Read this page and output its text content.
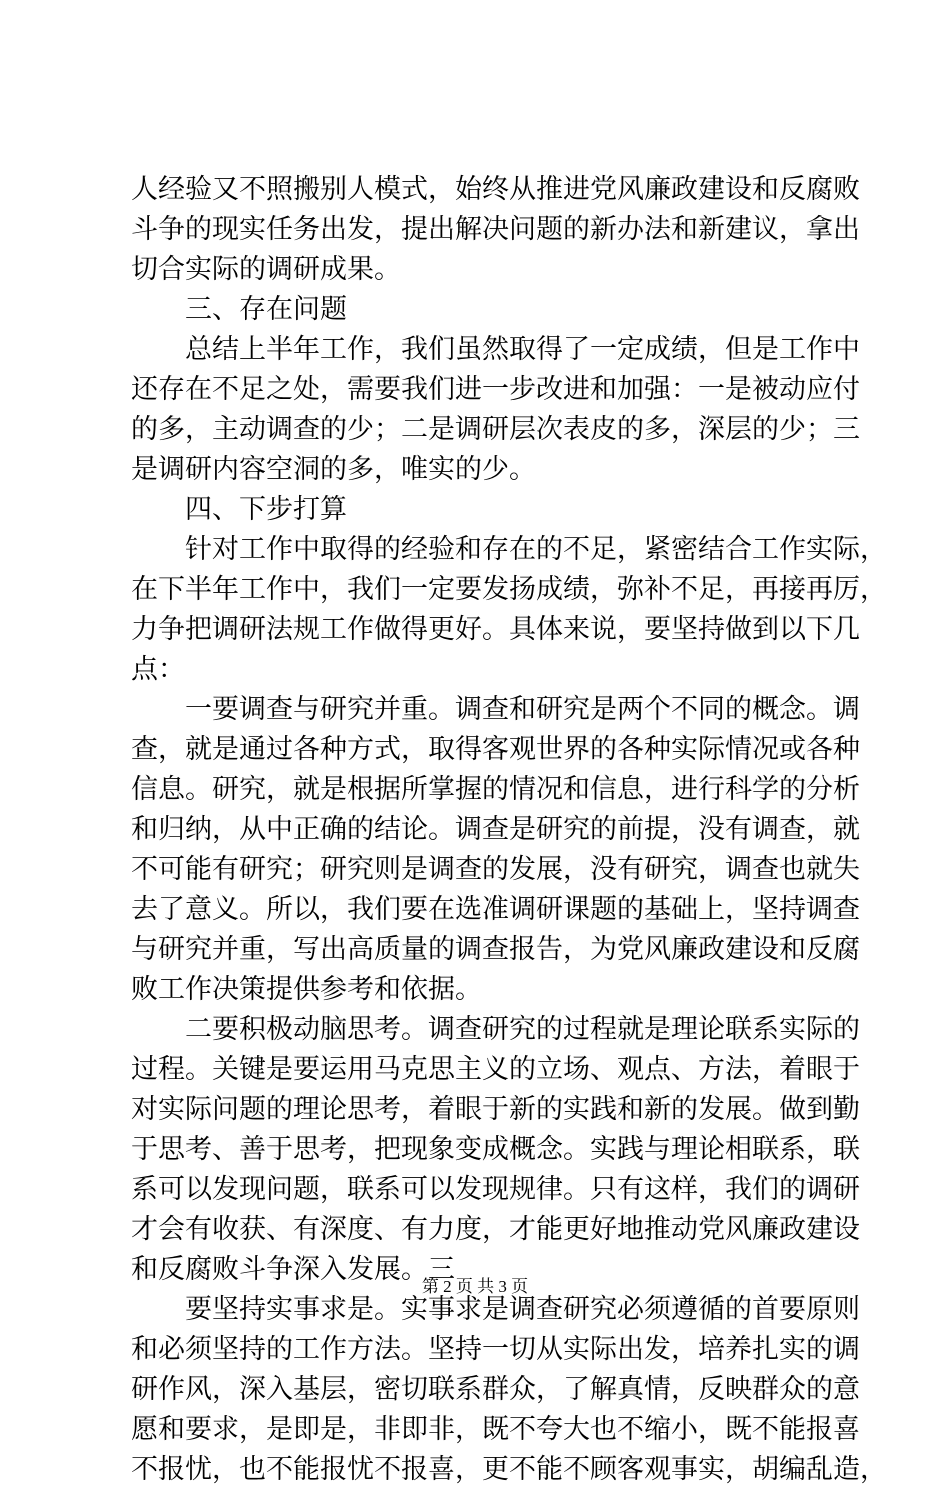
人经验又不照搬别人模式，始终从推进党风廉政建设和反腐败
斗争的现实任务出发，提出解决问题的新办法和新建议，拿出
切合实际的调研成果。
三、存在问题
总结上半年工作，我们虽然取得了一定成绩，但是工作中
还存在不足之处，需要我们进一步改进和加强：一是被动应付
的多，主动调查的少；二是调研层次表皮的多，深层的少；三
是调研内容空洞的多，唯实的少。
四、下步打算
针对工作中取得的经验和存在的不足，紧密结合工作实际，
在下半年工作中，我们一定要发扬成绩，弥补不足，再接再厉，
力争把调研法规工作做得更好。具体来说，要坚持做到以下几
点：
一要调查与研究并重。调查和研究是两个不同的概念。调
查，就是通过各种方式，取得客观世界的各种实际情况或各种
信息。研究，就是根据所掌握的情况和信息，进行科学的分析
和归纳，从中正确的结论。调查是研究的前提，没有调查，就
不可能有研究；研究则是调查的发展，没有研究，调查也就失
去了意义。所以，我们要在选准调研课题的基础上，坚持调查
与研究并重，写出高质量的调查报告，为党风廉政建设和反腐
败工作决策提供参考和依据。
二要积极动脑思考。调查研究的过程就是理论联系实际的
过程。关键是要运用马克思主义的立场、观点、方法，着眼于
对实际问题的理论思考，着眼于新的实践和新的发展。做到勤
于思考、善于思考，把现象变成概念。实践与理论相联系，联
系可以发现问题，联系可以发现规律。只有这样，我们的调研
才会有收获、有深度、有力度，才能更好地推动党风廉政建设
和反腐败斗争深入发展。三
要坚持实事求是。实事求是调查研究必须遵循的首要原则
和必须坚持的工作方法。坚持一切从实际出发，培养扎实的调
研作风，深入基层，密切联系群众，了解真情，反映群众的意
愿和要求，是即是，非即非，既不夸大也不缩小，既不能报喜
不报忧，也不能报忧不报喜，更不能不顾客观事实，胡编乱造，
第 2 页 共 3 页
